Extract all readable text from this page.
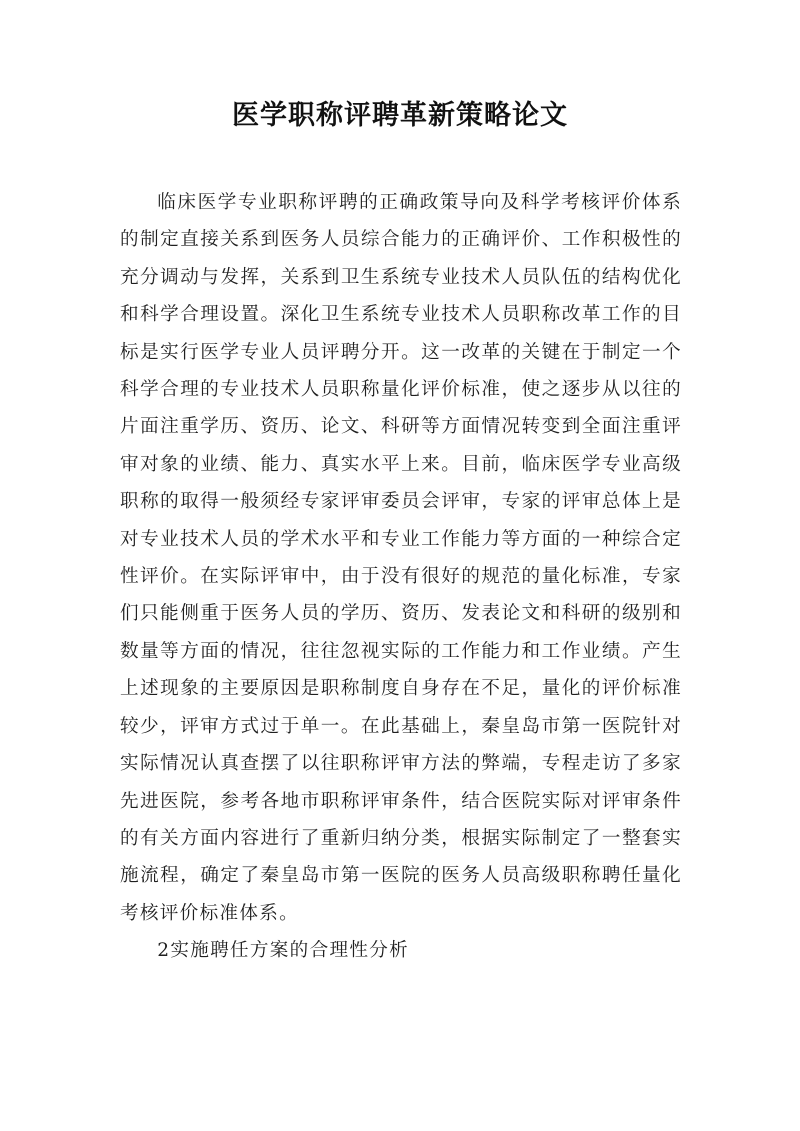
医学职称评聘革新策略论文

临床医学专业职称评聘的正确政策导向及科学考核评价体系的制定直接关系到医务人员综合能力的正确评价、工作积极性的充分调动与发挥，关系到卫生系统专业技术人员队伍的结构优化和科学合理设置。深化卫生系统专业技术人员职称改革工作的目标是实行医学专业人员评聘分开。这一改革的关键在于制定一个科学合理的专业技术人员职称量化评价标准，使之逐步从以往的片面注重学历、资历、论文、科研等方面情况转变到全面注重评审对象的业绩、能力、真实水平上来。目前，临床医学专业高级职称的取得一般须经专家评审委员会评审，专家的评审总体上是对专业技术人员的学术水平和专业工作能力等方面的一种综合定性评价。在实际评审中，由于没有很好的规范的量化标准，专家们只能侧重于医务人员的学历、资历、发表论文和科研的级别和数量等方面的情况，往往忽视实际的工作能力和工作业绩。产生上述现象的主要原因是职称制度自身存在不足，量化的评价标准较少，评审方式过于单一。在此基础上，秦皇岛市第一医院针对实际情况认真查摆了以往职称评审方法的弊端，专程走访了多家先进医院，参考各地市职称评审条件，结合医院实际对评审条件的有关方面内容进行了重新归纳分类，根据实际制定了一整套实施流程，确定了秦皇岛市第一医院的医务人员高级职称聘任量化考核评价标准体系。

2实施聘任方案的合理性分析
